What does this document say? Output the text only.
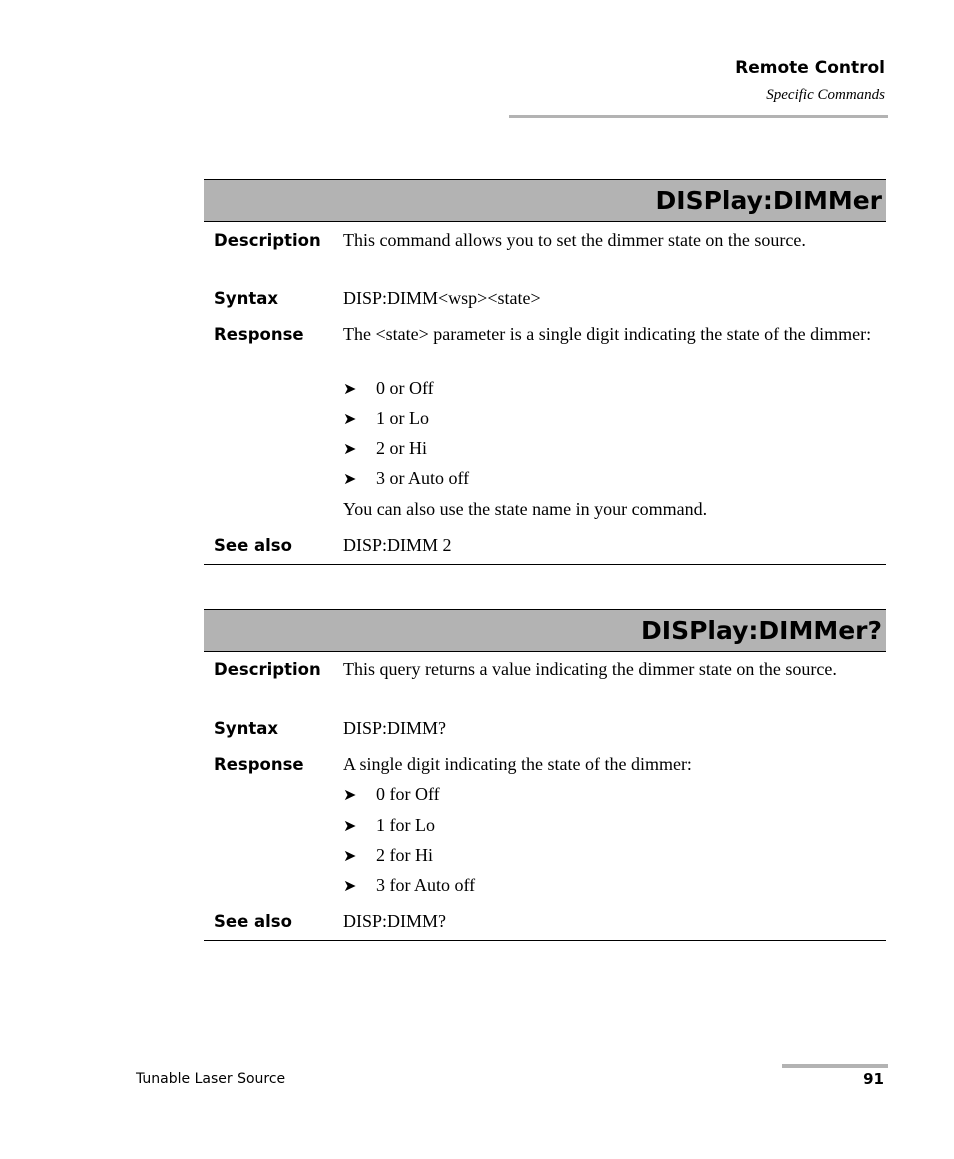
Remote Control
Specific Commands
DISPlay:DIMMer
Description This command allows you to set the dimmer state on the source.
Syntax	DISP:DIMM<wsp><state>
Response The <state> parameter is a single digit indicating the state of the dimmer:
➤ 0 or Off
➤ 1 or Lo
➤ 2 or Hi
➤ 3 or Auto off
You can also use the state name in your command.
See also	DISP:DIMM 2
DISPlay:DIMMer?
Description This query returns a value indicating the dimmer state on the source.
Syntax	DISP:DIMM?
Response A single digit indicating the state of the dimmer:
➤ 0 for Off
➤ 1 for Lo
➤ 2 for Hi
➤ 3 for Auto off
See also	DISP:DIMM?
Tunable Laser Source	91
